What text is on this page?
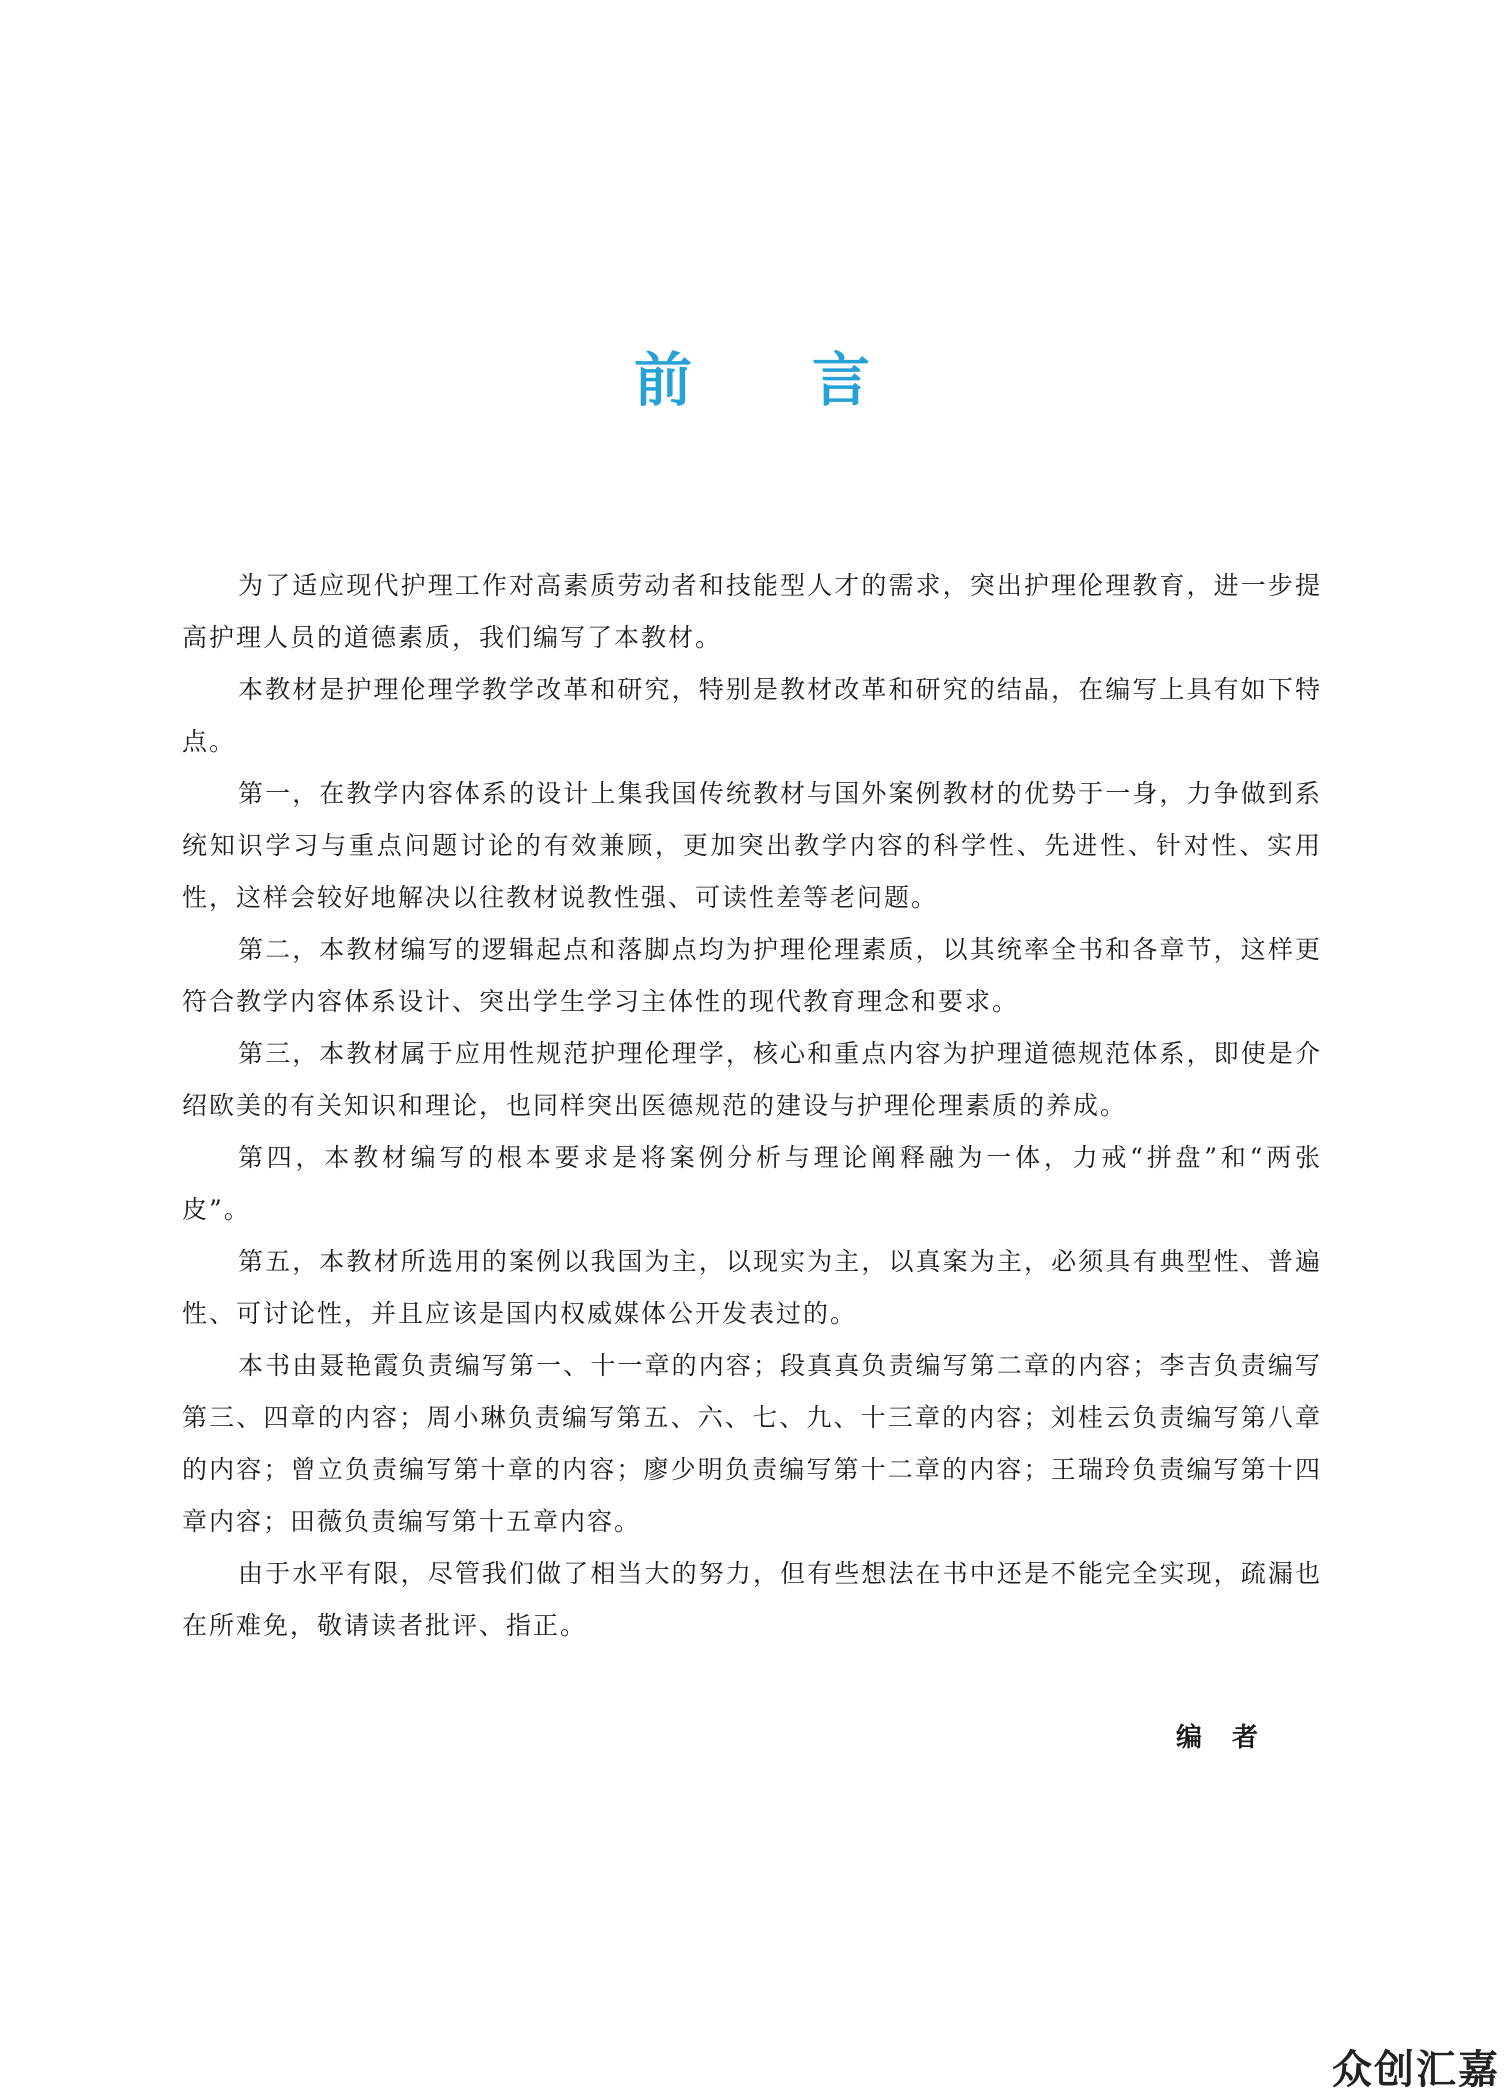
前言

为了适应现代护理工作对高素质劳动者和技能型人才的需求，突出护理伦理教育，进一步提高护理人员的道德素质，我们编写了本教材。

本教材是护理伦理学教学改革和研究，特别是教材改革和研究的结晶，在编写上具有如下特点。

第一，在教学内容体系的设计上集我国传统教材与国外案例教材的优势于一身，力争做到系统知识学习与重点问题讨论的有效兼顾，更加突出教学内容的科学性、先进性、针对性、实用性，这样会较好地解决以往教材说教性强、可读性差等老问题。

第二，本教材编写的逻辑起点和落脚点均为护理伦理素质，以其统率全书和各章节，这样更符合教学内容体系设计、突出学生学习主体性的现代教育理念和要求。

第三，本教材属于应用性规范护理伦理学，核心和重点内容为护理道德规范体系，即使是介绍欧美的有关知识和理论，也同样突出医德规范的建设与护理伦理素质的养成。

第四，本教材编写的根本要求是将案例分析与理论阐释融为一体，力戒“拼盘”和“两张皮”。

第五，本教材所选用的案例以我国为主，以现实为主，以真案为主，必须具有典型性、普遍性、可讨论性，并且应该是国内权威媒体公开发表过的。

本书由聂艳霞负责编写第一、十一章的内容；段真真负责编写第二章的内容；李吉负责编写第三、四章的内容；周小琳负责编写第五、六、七、九、十三章的内容；刘桂云负责编写第八章的内容；曾立负责编写第十章的内容；廖少明负责编写第十二章的内容；王瑞玲负责编写第十四章内容；田薇负责编写第十五章内容。

由于水平有限，尽管我们做了相当大的努力，但有些想法在书中还是不能完全实现，疏漏也在所难免，敬请读者批评、指正。

编者
众创汇嘉
